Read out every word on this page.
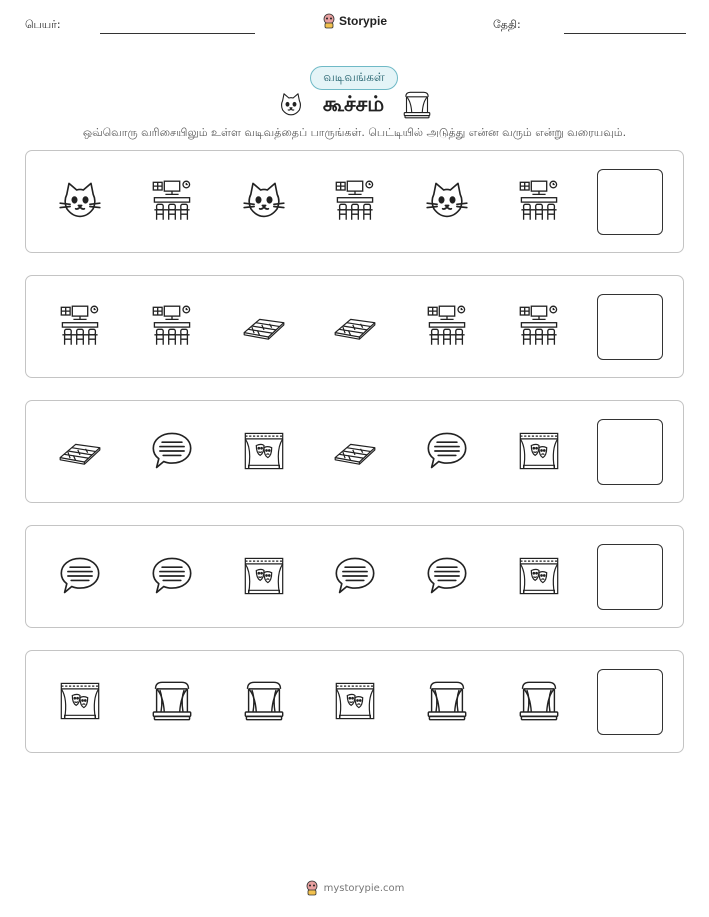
பெயர்:	Storypie	தேதி:
வடிவங்கள்
கூச்சம்
ஒவ்வொரு வரிசையிலும் உள்ள வடிவத்தைப் பாருங்கள். பெட்டியில் அடுத்து என்ன வரும் என்று வரையவும்.
mystorypie.com
